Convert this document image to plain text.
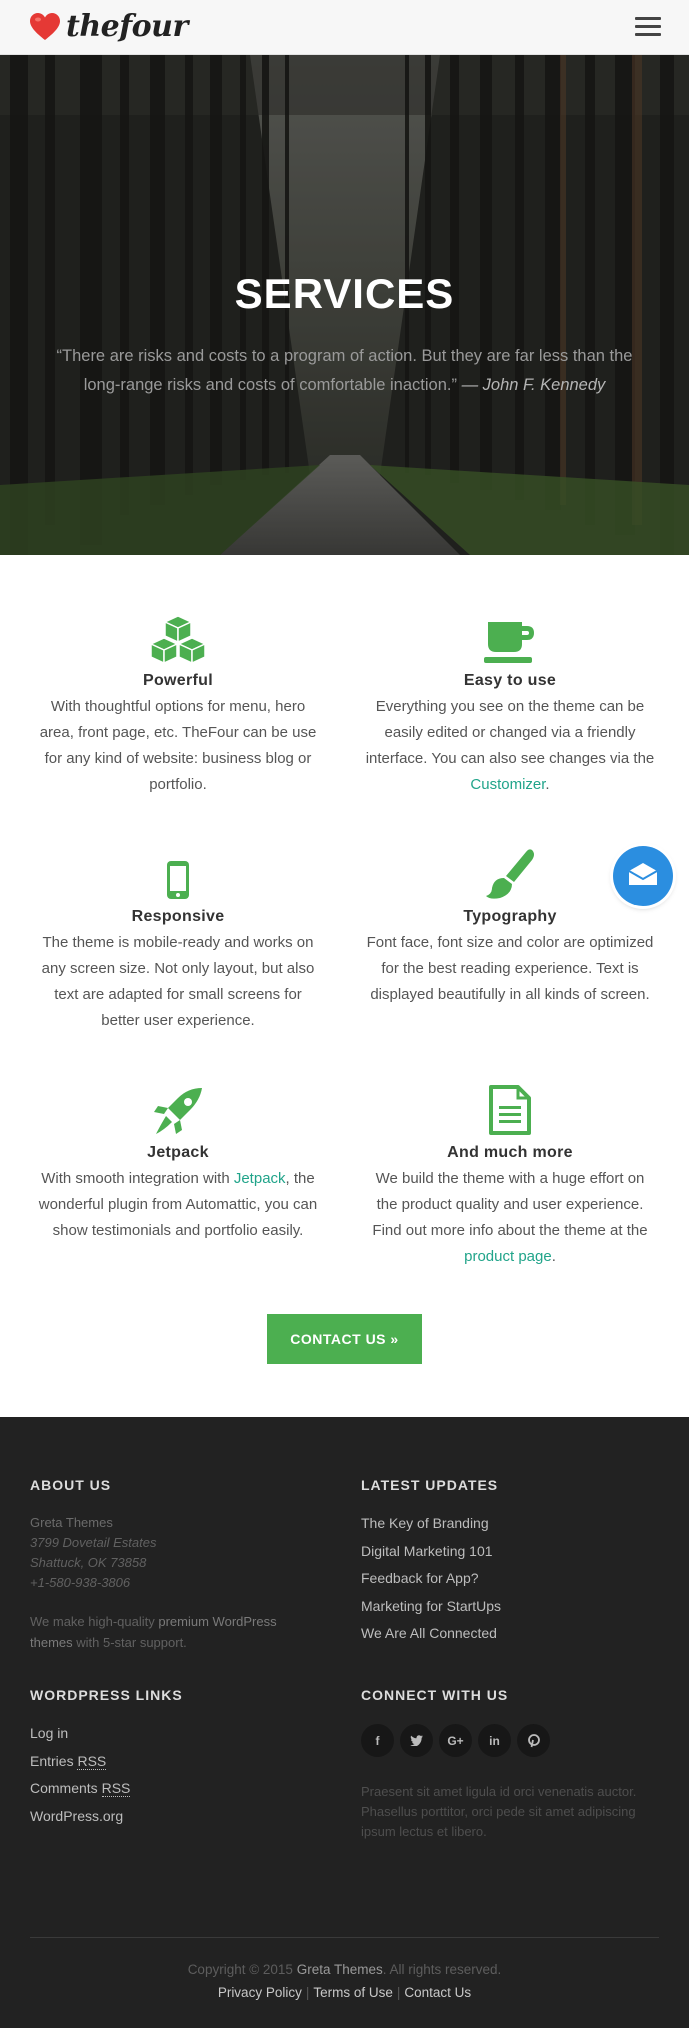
thefour
SERVICES
“There are risks and costs to a program of action. But they are far less than the long-range risks and costs of comfortable inaction.” — John F. Kennedy
Powerful

With thoughtful options for menu, hero area, front page, etc. TheFour can be use for any kind of website: business blog or portfolio.

Easy to use

Everything you see on the theme can be easily edited or changed via a friendly interface. You can also see changes via the Customizer.

Responsive

The theme is mobile-ready and works on any screen size. Not only layout, but also text are adapted for small screens for better user experience.

Typography

Font face, font size and color are optimized for the best reading experience. Text is displayed beautifully in all kinds of screen.

Jetpack

With smooth integration with Jetpack, the wonderful plugin from Automattic, you can show testimonials and portfolio easily.

And much more

We build the theme with a huge effort on the product quality and user experience. Find out more info about the theme at the product page.

CONTACT US »
ABOUT US
Greta Themes
3799 Dovetail Estates
Shattuck, OK 73858
+1-580-938-3806
We make high-quality premium WordPress themes with 5-star support.
LATEST UPDATES
The Key of Branding
Digital Marketing 101
Feedback for App?
Marketing for StartUps
We Are All Connected
WORDPRESS LINKS
Log in
Entries RSS
Comments RSS
WordPress.org
CONNECT WITH US
f	G+	in
Praesent sit amet ligula id orci venenatis auctor. Phasellus porttitor, orci pede sit amet adipiscing ipsum lectus et libero.
Copyright © 2015 Greta Themes. All rights reserved.
Privacy Policy | Terms of Use | Contact Us
